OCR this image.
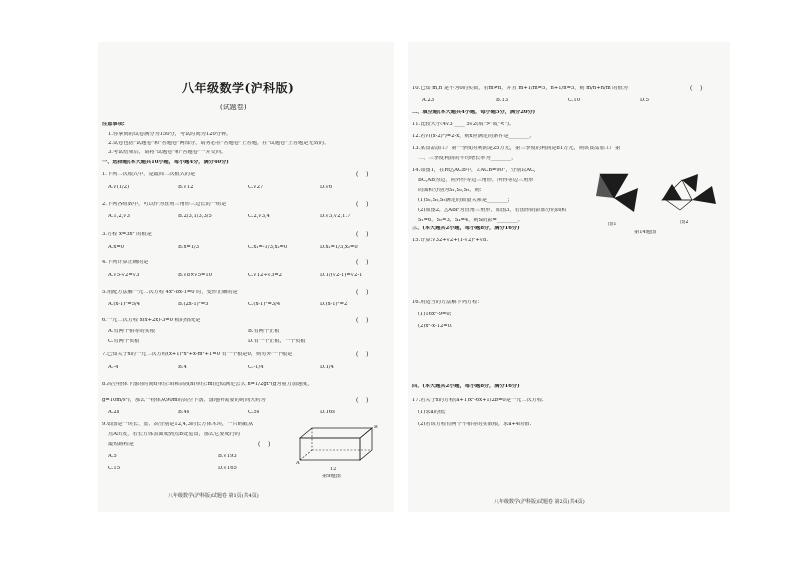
八年级数学(沪科版)
(试题卷)
注意事项:
1.你拿到的试卷满分为150分，考试时间为120分钟。
2.试卷包括"试题卷"和"答题卷"两部分，请务必在"答题卷"上答题，在"试题卷"上答题是无效的。
3.考试结束后，请将"试题卷"和"答题卷"一并交回。
一、选择题(本大题共10小题，每小题4分，满分40分)
1.下列二次根式中，是最简二次根式的是	(    )
A.√(1/2)	B.√12	C.√27	D.√6
2.下列各组数中，可以作为直角三角形三边长的一组是	(    )
A.1,2,√3	B.2/3,1/3,3/5	C.2,√3,4	D.√3,√2,1.7
3.方程 x=3x² 的根是	(    )
A.x=0	B.x=1/3	C.x₁=-1/3,x₂=0	D.x₁=1/3,x₂=0
4.下列计算正确的是	(    )
A.√5-√2=√3	B.√8×√5=10	C.√12÷√3=2	D.1/(√2-1)=√2-1
5.用配方法解一元二次方程 4x²-8x-1=0 时，变形正确的是	(    )
A.(x-1)²=5/4	B.(2x-1)²=5	C.(x-1)²=3/4	D.(x-1)²=2
6.一元二次方程 x(x+2x)-3=0 根的情况是	(    )
A.有两个相等的实根	B.有两个正根
C.有两个负根	D.有一个正根，一个负根
7.已知关于x的一元二次方程(x+1)²x²+x-m²+1=0 有一个根是0，则另外一个根是	(    )
A.-4	B.4	C.-1/4	D.1/4
8.高空物体下落的时间t(单位:s)和高度h(单位:m)近似满足公式 h=1/2gt²(g为重力加速度，
g=10m/s²)，那么一物体从90m的高空下落，落地所需要的时间大约为	(    )
A.2s	B.4s	C.5s	D.16s
9.如图是一块长、宽、高分别是12,4,3的长方体木块，一只蚂蚁从
点A出发，若长方体表面爬到点B处觅食，那么它要爬行的
最短路程是	(    )
A.5	B.√193
C.15	D.√165
A
B
12
第9题图
八年级数学(沪科版)试题卷 第1页(共4页)
10.已知 m,n 是不为0的实数，若m≠n，并且 m+1/m=5，n+1/n=5，则 m/n+n/m 的值为	(    )
A.23	B.13	C.10	D.5
二、填空题(本大题共4小题，每小题5分，满分20分)
11.比较大小:4√3 ____ 5√2(填">"或"<")。
12.若√((x-2)²)=2-x，则x应满足的条件是________。
13.某食品加工厂第一季度的利润是25万元，第三季度的利润是81万元，则该食品加工厂第
二、三季度利润的平均增长率为________。
14.如图1，在Rt△ACB中，∠ACB=90°，分别以AC,
BC,AB为边，向外作等边三角形，所得等边三角形
的面积分别为S₁,S₂,S₃，则:
(1)S₁,S₂,S₃满足的数量关系是________;
(2)如图2，△ABF为直角三角形，如图3，若图形阴影部分的面积
S₁=6，S₂=3，S₄=4，则S阴影=________。
图1	图2
第14题图
三、(本大题共2小题，每小题8分，满分16分)
15.计算:√32+√2+(1-√2)²+√8.
16.用适当的方法解下列方程:
(1)16x²-9=0;
(2)x²-x-12=0.
四、(本大题共2小题，每小题8分，满分16分)
17.若关于x的方程(a+1)x²-6x+1/2b=0是一元二次方程.
(1)求a的值;
(2)若该方程有两个不相等的实数根，求a+4的值.
八年级数学(沪科版)试题卷 第2页(共4页)
